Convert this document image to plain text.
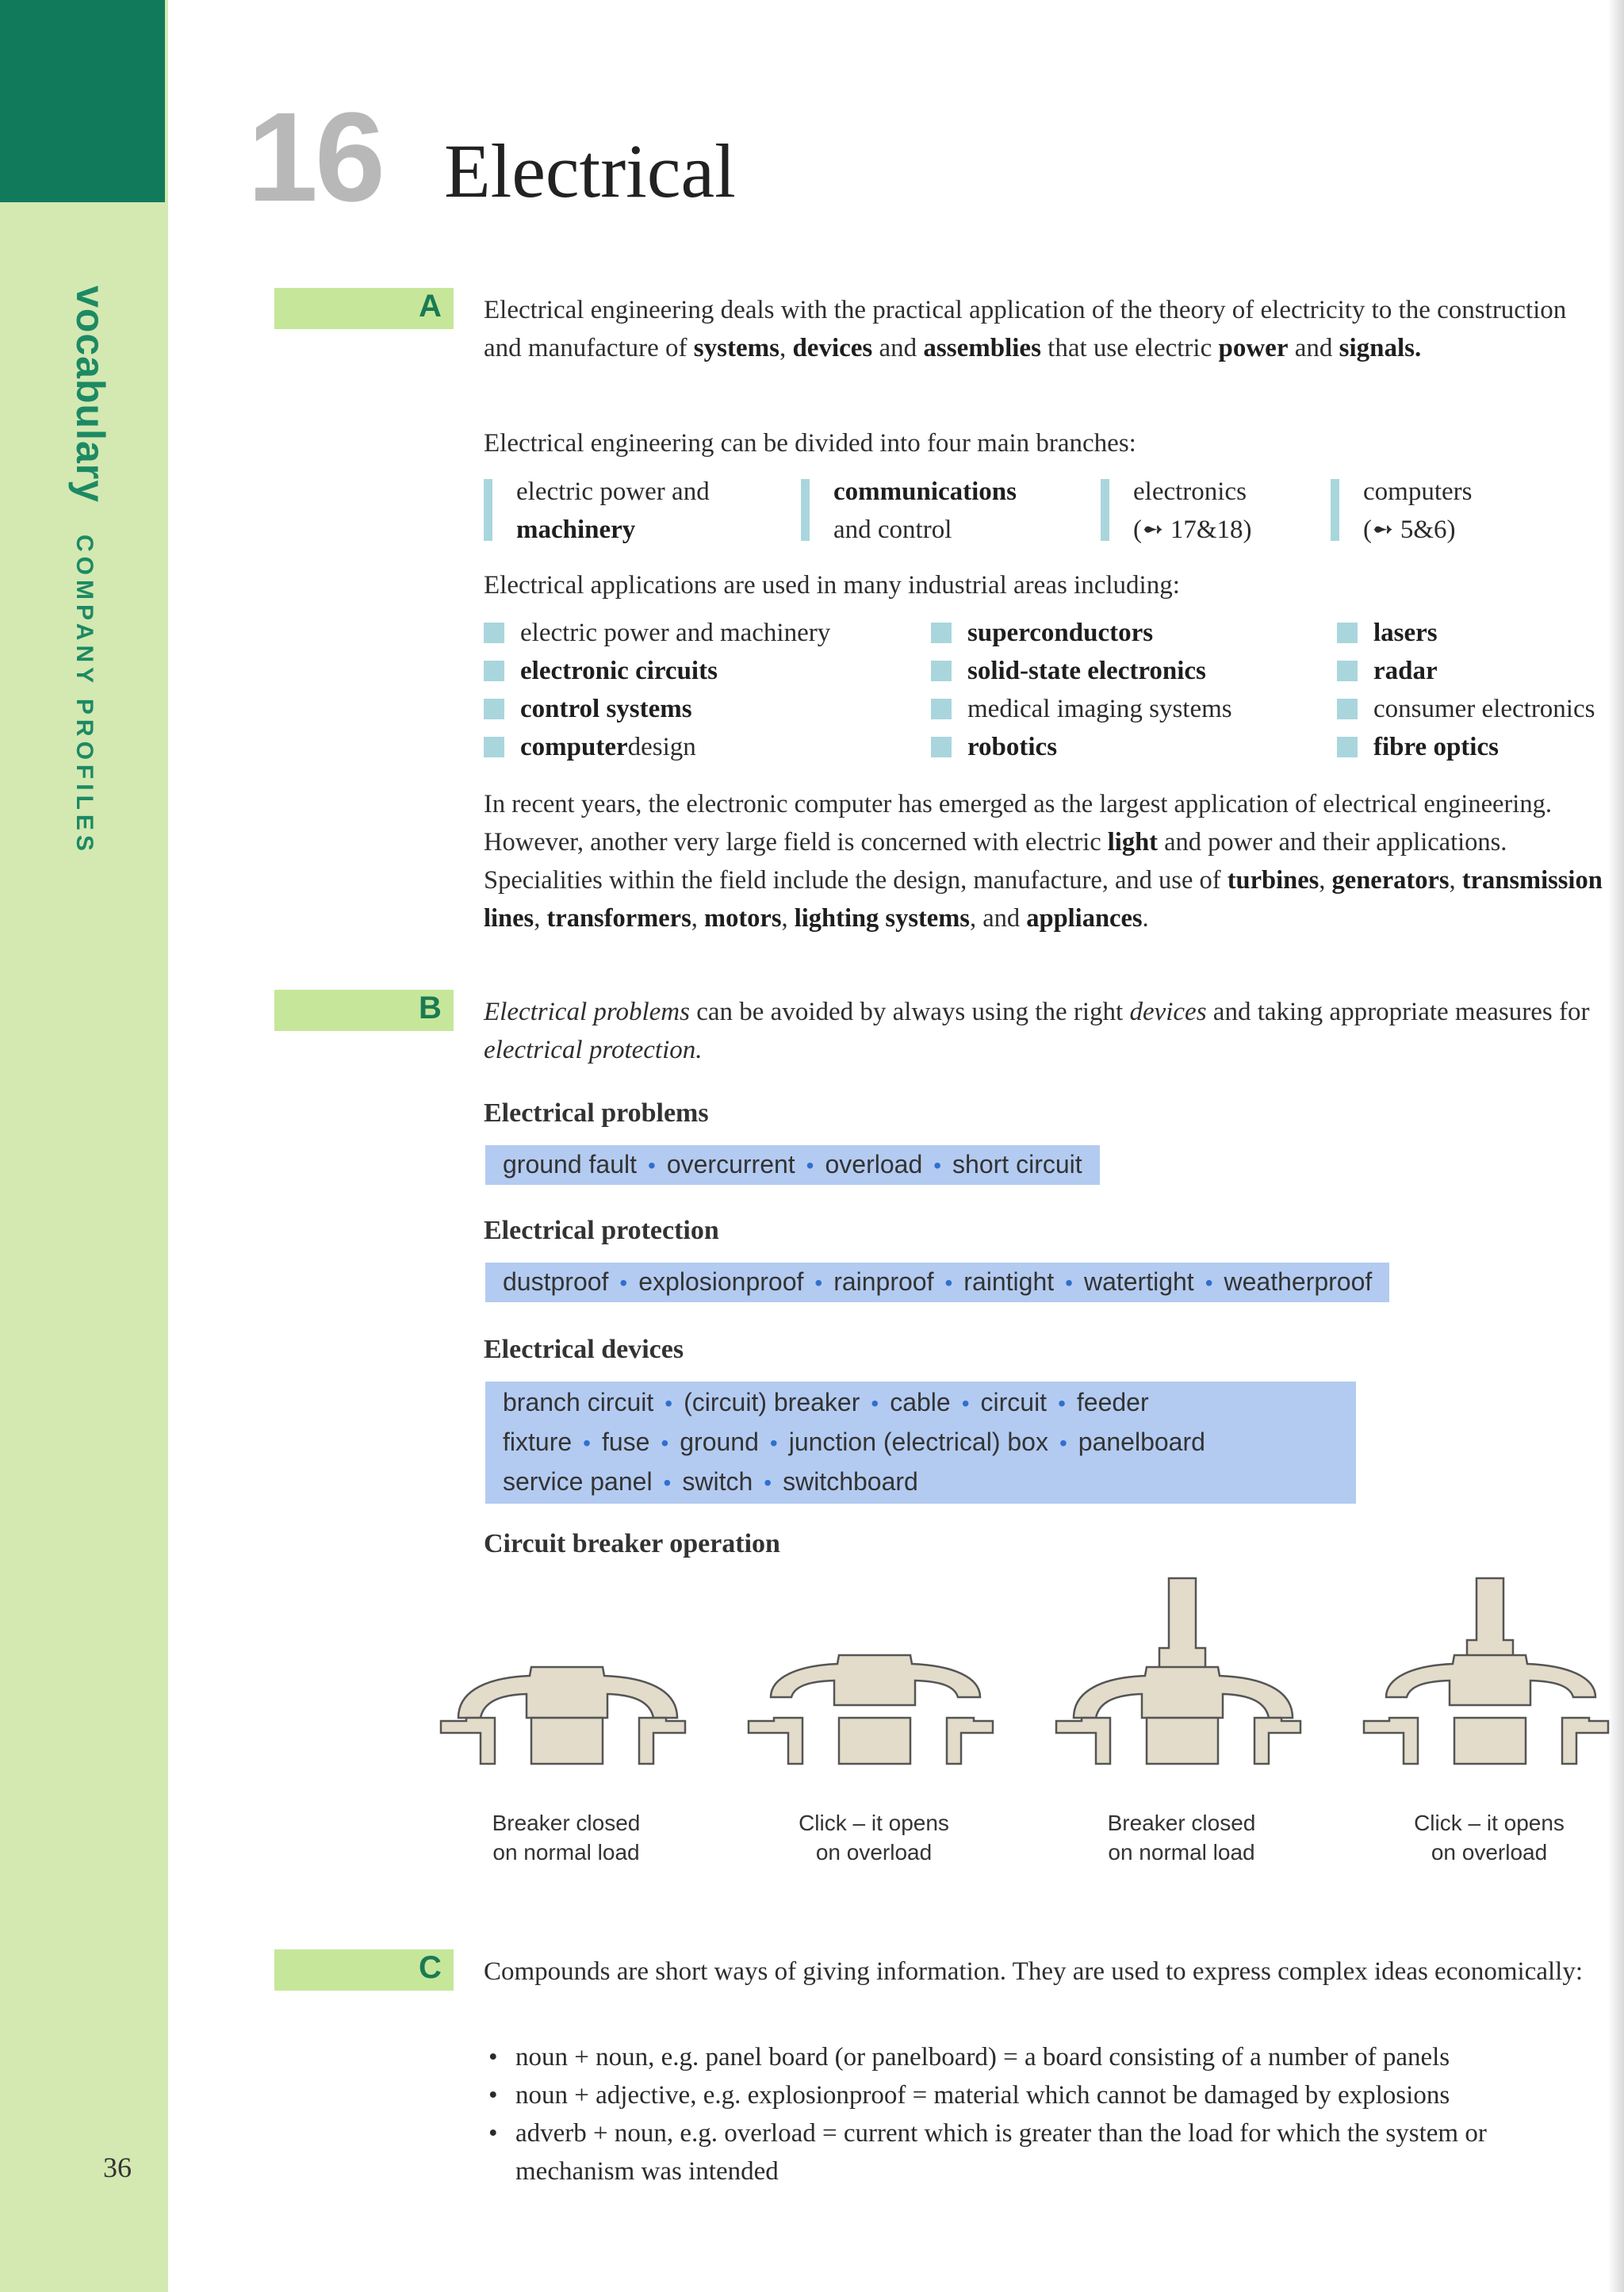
vocabularyCOMPANY PROFILES
36
16 Electrical
A Electrical engineering deals with the practical application of the theory of electricity to the construction and manufacture of systems, devices and assemblies that use electric power and signals.
Electrical engineering can be divided into four main branches:
electric power and
machinery
communications
and control
electronics
(➻ 17&18)
computers
(➻ 5&6)
Electrical applications are used in many industrial areas including:
electric power and machinery
electronic circuits
control systems
computer design
superconductors
solid-state electronics
medical imaging systems
robotics
lasers
radar
consumer electronics
fibre optics
In recent years, the electronic computer has emerged as the largest application of electrical engineering. However, another very large field is concerned with electric light and power and their applications. Specialities within the field include the design, manufacture, and use of turbines, generators, transmission lines, transformers, motors, lighting systems, and appliances.
B Electrical problems can be avoided by always using the right devices and taking appropriate measures for electrical protection.
Electrical problems
ground fault • overcurrent • overload • short circuit
Electrical protection
dustproof • explosionproof • rainproof • raintight • watertight • weatherproof
Electrical devices
branch circuit • (circuit) breaker • cable • circuit • feeder
fixture • fuse • ground • junction (electrical) box • panelboard
service panel • switch • switchboard
Circuit breaker operation
Breaker closed
on normal load
Click – it opens
on overload
Breaker closed
on normal load
Click – it opens
on overload
C Compounds are short ways of giving information. They are used to express complex ideas economically:
• noun + noun, e.g. panel board (or panelboard) = a board consisting of a number of panels
• noun + adjective, e.g. explosionproof = material which cannot be damaged by explosions
• adverb + noun, e.g. overload = current which is greater than the load for which the system or mechanism was intended
